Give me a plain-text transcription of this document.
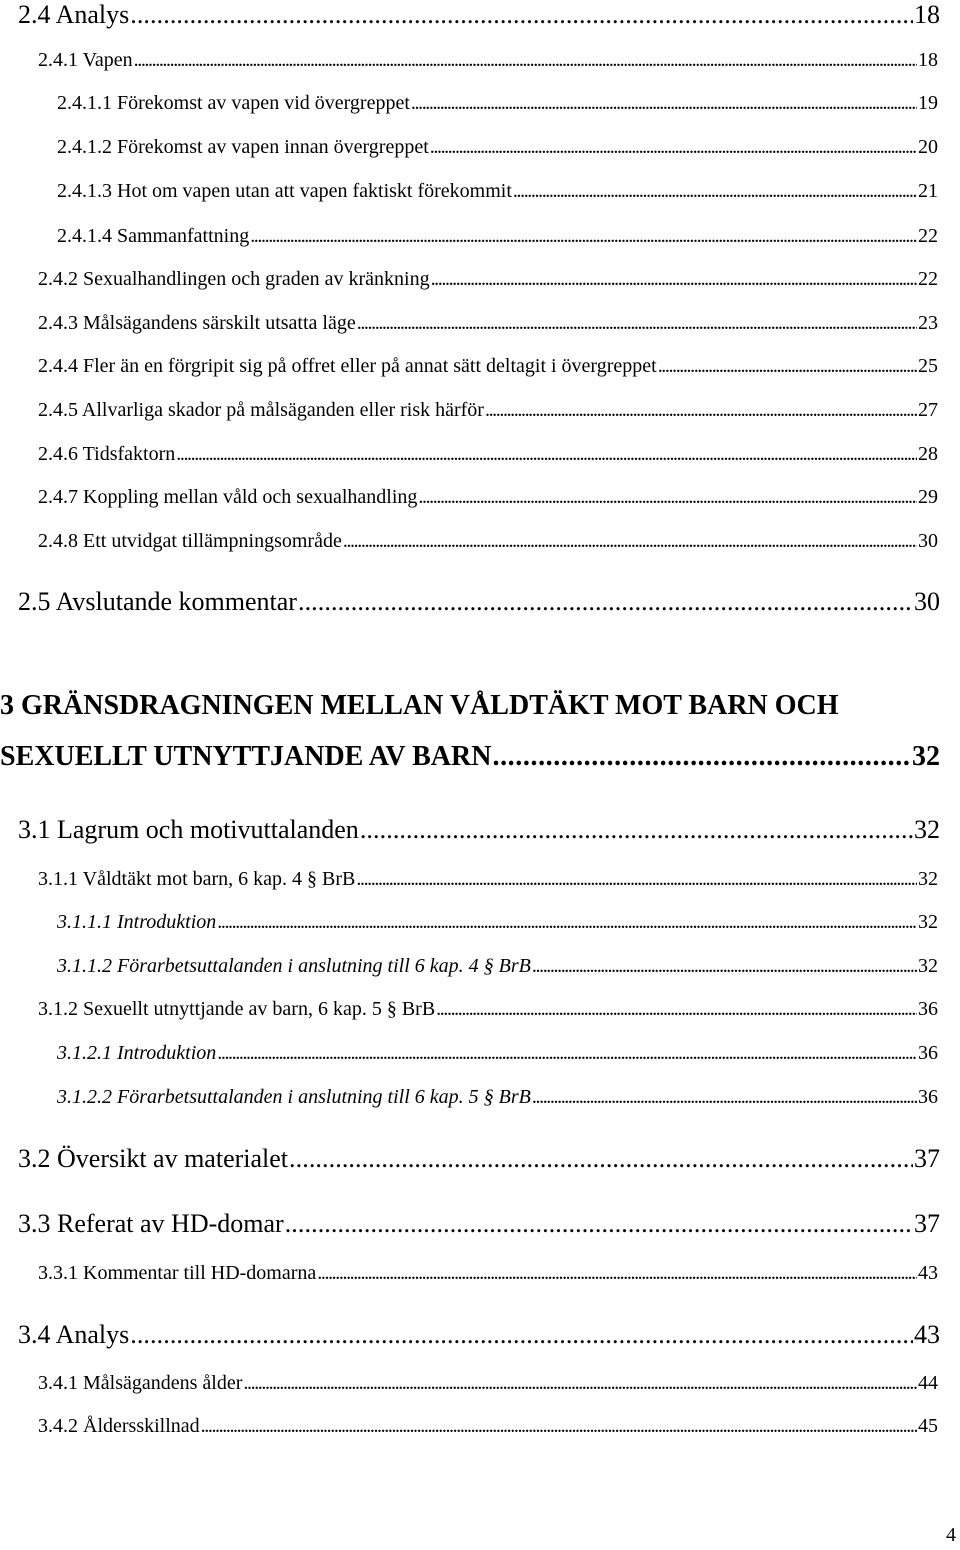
2.4 Analys . . .	18
2.4.1 Vapen . . .	18
2.4.1.1 Förekomst av vapen vid övergreppet . . .	19
2.4.1.2 Förekomst av vapen innan övergreppet . . .	20
2.4.1.3 Hot om vapen utan att vapen faktiskt förekommit . . .	21
2.4.1.4 Sammanfattning . . .	22
2.4.2 Sexualhandlingen och graden av kränkning . . .	22
2.4.3 Målsägandens särskilt utsatta läge . . .	23
2.4.4 Fler än en förgripit sig på offret eller på annat sätt deltagit i övergreppet . . .	25
2.4.5 Allvarliga skador på målsäganden eller risk härför . . .	27
2.4.6 Tidsfaktorn . . .	28
2.4.7 Koppling mellan våld och sexualhandling . . .	29
2.4.8 Ett utvidgat tillämpningsområde . . .	30
2.5 Avslutande kommentar . . .	30
3 GRÄNSDRAGNINGEN MELLAN VÅLDTÄKT MOT BARN OCH
SEXUELLT UTNYTTJANDE AV BARN . . .	32
3.1 Lagrum och motivuttalanden . . .	32
3.1.1 Våldtäkt mot barn, 6 kap. 4 § BrB . . .	32
3.1.1.1 Introduktion . . .	32
3.1.1.2 Förarbetsuttalanden i anslutning till 6 kap. 4 § BrB . . .	32
3.1.2 Sexuellt utnyttjande av barn, 6 kap. 5 § BrB . . .	36
3.1.2.1 Introduktion . . .	36
3.1.2.2 Förarbetsuttalanden i anslutning till 6 kap. 5 § BrB . . .	36
3.2 Översikt av materialet . . .	37
3.3 Referat av HD-domar . . .	37
3.3.1 Kommentar till HD-domarna . . .	43
3.4 Analys . . .	43
3.4.1 Målsägandens ålder . . .	44
3.4.2 Åldersskillnad . . .	45
4
